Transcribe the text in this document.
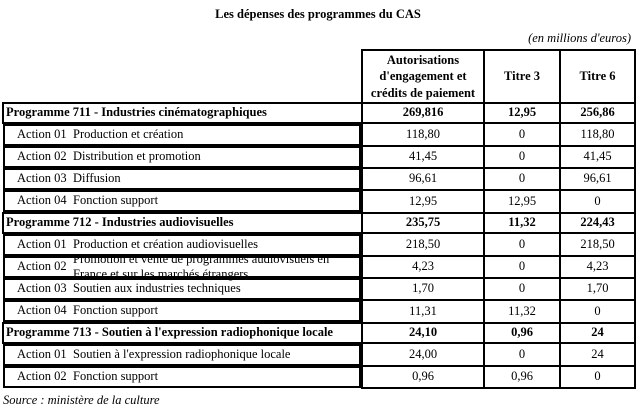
Les dépenses des programmes du CAS
(en millions d'euros)
	Autorisations d'engagement et crédits de paiement	Titre 3	Titre 6
Programme 711 - Industries cinématographiques	269,816	12,95	256,86

Action 01 Production et création	118,80	0	118,80

Action 02 Distribution et promotion	41,45	0	41,45

Action 03 Diffusion	96,61	0	96,61

Action 04 Fonction support	12,95	12,95	0
Programme 712 - Industries audiovisuelles	235,75	11,32	224,43

Action 01 Production et création audiovisuelles	218,50	0	218,50

Action 02
Promotion et vente de programmes audiovisuels en France et sur les marchés étrangers
4,23	0	4,23

Action 03 Soutien aux industries techniques	1,70	0	1,70

Action 04 Fonction support	11,31	11,32	0
Programme 713 - Soutien à l'expression radiophonique locale	24,10	0,96	24

Action 01 Soutien à l'expression radiophonique locale	24,00	0	24

Action 02 Fonction support	0,96	0,96	0
Source : ministère de la culture
